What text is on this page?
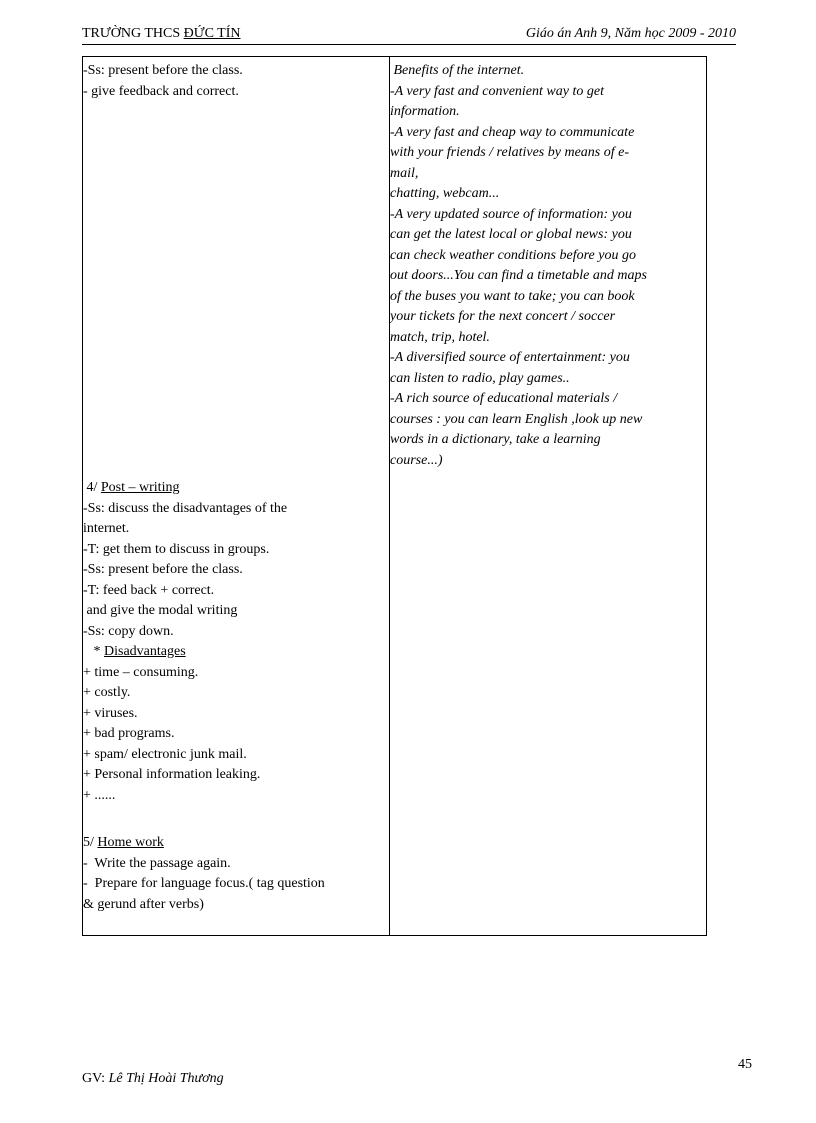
TRƯỜNG THCS ĐỨC TÍN	Giáo án Anh 9, Năm học 2009 - 2010
-Ss: present before the class.
- give feedback and correct.
4/ Post – writing
-Ss: discuss the disadvantages of the
internet.
-T: get them to discuss in groups.
-Ss: present before the class.
-T: feed back + correct.
and give the modal writing
-Ss: copy down.
* Disadvantages
+ time – consuming.
+ costly.
+ viruses.
+ bad programs.
+ spam/ electronic junk mail.
+ Personal information leaking.
+ ......
5/ Home work
-  Write the passage again.
-  Prepare for language focus.( tag question
& gerund after verbs)
Benefits of the internet.
-A very fast and convenient way to get
information.
-A very fast and cheap way to communicate
with your friends / relatives by means of e-
mail,
chatting, webcam...
-A very updated source of information: you
can get the latest local or global news: you
can check weather conditions before you go
out doors...You can find a timetable and maps
of the buses you want to take; you can book
your tickets for the next concert / soccer
match, trip, hotel.
-A diversified source of entertainment: you
can listen to radio, play games..
-A rich source of educational materials /
courses : you can learn English ,look up new
words in a dictionary, take a learning
course...)
45
GV: Lê Thị Hoài Thương
